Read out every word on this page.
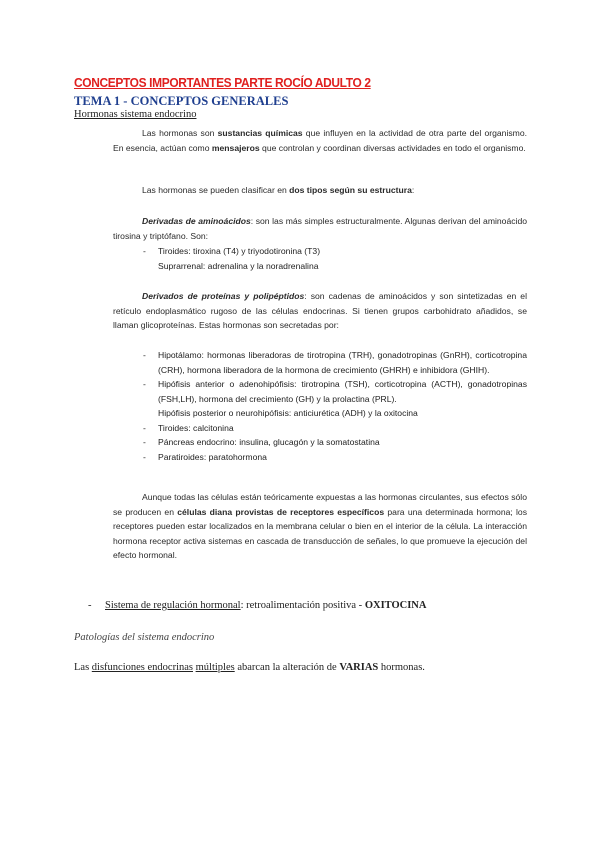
CONCEPTOS IMPORTANTES PARTE ROCÍO ADULTO 2
TEMA 1 - CONCEPTOS GENERALES
Hormonas sistema endocrino
Las hormonas son sustancias químicas que influyen en la actividad de otra parte del organismo. En esencia, actúan como mensajeros que controlan y coordinan diversas actividades en todo el organismo.
Las hormonas se pueden clasificar en dos tipos según su estructura:
Derivadas de aminoácidos: son las más simples estructuralmente. Algunas derivan del aminoácido tirosina y triptófano. Son:
- Tiroides: tiroxina (T4) y triyodotironina (T3)
Suprarrenal: adrenalina y la noradrenalina
Derivados de proteínas y polipéptidos: son cadenas de aminoácidos y son sintetizadas en el retículo endoplasmático rugoso de las células endocrinas. Si tienen grupos carbohidrato añadidos, se llaman glicoproteínas. Estas hormonas son secretadas por:
- Hipotálamo: hormonas liberadoras de tirotropina (TRH), gonadotropinas (GnRH), corticotropina (CRH), hormona liberadora de la hormona de crecimiento (GHRH) e inhibidora (GHIH).
- Hipófisis anterior o adenohipófisis: tirotropina (TSH), corticotropina (ACTH), gonadotropinas (FSH,LH), hormona del crecimiento (GH) y la prolactina (PRL).
Hipófisis posterior o neurohipófisis: anticiurética (ADH) y la oxitocina
- Tiroides: calcitonina
- Páncreas endocrino: insulina, glucagón y la somatostatina
- Paratiroides: paratohormona
Aunque todas las células están teóricamente expuestas a las hormonas circulantes, sus efectos sólo se producen en células diana provistas de receptores específicos para una determinada hormona; los receptores pueden estar localizados en la membrana celular o bien en el interior de la célula. La interacción hormona receptor activa sistemas en cascada de transducción de señales, lo que promueve la ejecución del efecto hormonal.
- Sistema de regulación hormonal: retroalimentación positiva - OXITOCINA
Patologías del sistema endocrino
Las disfunciones endocrinas múltiples abarcan la alteración de VARIAS hormonas.
